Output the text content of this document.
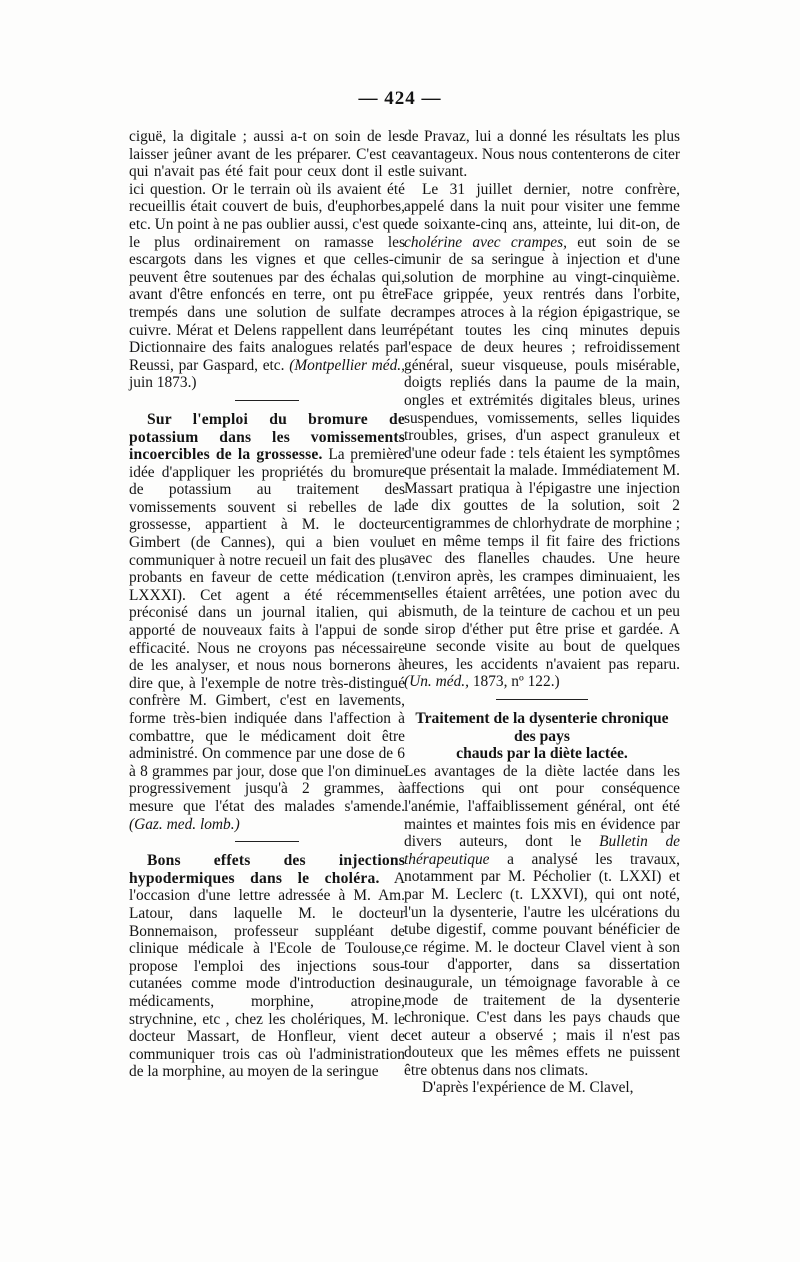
— 424 —

ciguë, la digitale ; aussi a-t on soin de les laisser jeûner avant de les préparer. C'est ce qui n'avait pas été fait pour ceux dont il est ici question. Or le terrain où ils avaient été recueillis était couvert de buis, d'euphorbes, etc. Un point à ne pas oublier aussi, c'est que le plus ordinairement on ramasse les escargots dans les vignes et que celles-ci peuvent être soutenues par des échalas qui, avant d'être enfoncés en terre, ont pu être trempés dans une solution de sulfate de cuivre. Mérat et Delens rappellent dans leur Dictionnaire des faits analogues relatés par Reussi, par Gaspard, etc. (Montpellier méd., juin 1873.)

Sur l'emploi du bromure de potassium dans les vomissements incoercibles de la grossesse. La première idée d'appliquer les propriétés du bromure de potassium au traitement des vomissements souvent si rebelles de la grossesse, appartient à M. le docteur Gimbert (de Cannes), qui a bien voulu communiquer à notre recueil un fait des plus probants en faveur de cette médication (t. LXXXI). Cet agent a été récemment préconisé dans un journal italien, qui a apporté de nouveaux faits à l'appui de son efficacité. Nous ne croyons pas nécessaire de les analyser, et nous nous bornerons à dire que, à l'exemple de notre très-distingué confrère M. Gimbert, c'est en lavements, forme très-bien indiquée dans l'affection à combattre, que le médicament doit être administré. On commence par une dose de 6 à 8 grammes par jour, dose que l'on diminue progressivement jusqu'à 2 grammes, à mesure que l'état des malades s'amende. (Gaz. med. lomb.)

Bons effets des injections hypodermiques dans le choléra. A l'occasion d'une lettre adressée à M. Am. Latour, dans laquelle M. le docteur Bonnemaison, professeur suppléant de clinique médicale à l'Ecole de Toulouse, propose l'emploi des injections sous-cutanées comme mode d'introduction des médicaments, morphine, atropine, strychnine, etc , chez les cholériques, M. le docteur Massart, de Honfleur, vient de communiquer trois cas où l'administration de la morphine, au moyen de la seringue

de Pravaz, lui a donné les résultats les plus avantageux. Nous nous contenterons de citer le suivant.

Le 31 juillet dernier, notre confrère, appelé dans la nuit pour visiter une femme de soixante-cinq ans, atteinte, lui dit-on, de cholérine avec crampes, eut soin de se munir de sa seringue à injection et d'une solution de morphine au vingt-cinquième. Face grippée, yeux rentrés dans l'orbite, crampes atroces à la région épigastrique, se répétant toutes les cinq minutes depuis l'espace de deux heures ; refroidissement général, sueur visqueuse, pouls misérable, doigts repliés dans la paume de la main, ongles et extrémités digitales bleus, urines suspendues, vomissements, selles liquides troubles, grises, d'un aspect granuleux et d'une odeur fade : tels étaient les symptômes que présentait la malade. Immédiatement M. Massart pratiqua à l'épigastre une injection de dix gouttes de la solution, soit 2 centigrammes de chlorhydrate de morphine ; et en même temps il fit faire des frictions avec des flanelles chaudes. Une heure environ après, les crampes diminuaient, les selles étaient arrêtées, une potion avec du bismuth, de la teinture de cachou et un peu de sirop d'éther put être prise et gardée. A une seconde visite au bout de quelques heures, les accidents n'avaient pas reparu. (Un. méd., 1873, nº 122.)

Traitement de la dysenterie chronique des pays

chauds par la diète lactée.

Les avantages de la diète lactée dans les affections qui ont pour conséquence l'anémie, l'affaiblissement général, ont été maintes et maintes fois mis en évidence par divers auteurs, dont le Bulletin de thérapeutique a analysé les travaux, notamment par M. Pécholier (t. LXXI) et par M. Leclerc (t. LXXVI), qui ont noté, l'un la dysenterie, l'autre les ulcérations du tube digestif, comme pouvant bénéficier de ce régime. M. le docteur Clavel vient à son tour d'apporter, dans sa dissertation inaugurale, un témoignage favorable à ce mode de traitement de la dysenterie chronique. C'est dans les pays chauds que cet auteur a observé ; mais il n'est pas douteux que les mêmes effets ne puissent être obtenus dans nos climats.

D'après l'expérience de M. Clavel,
